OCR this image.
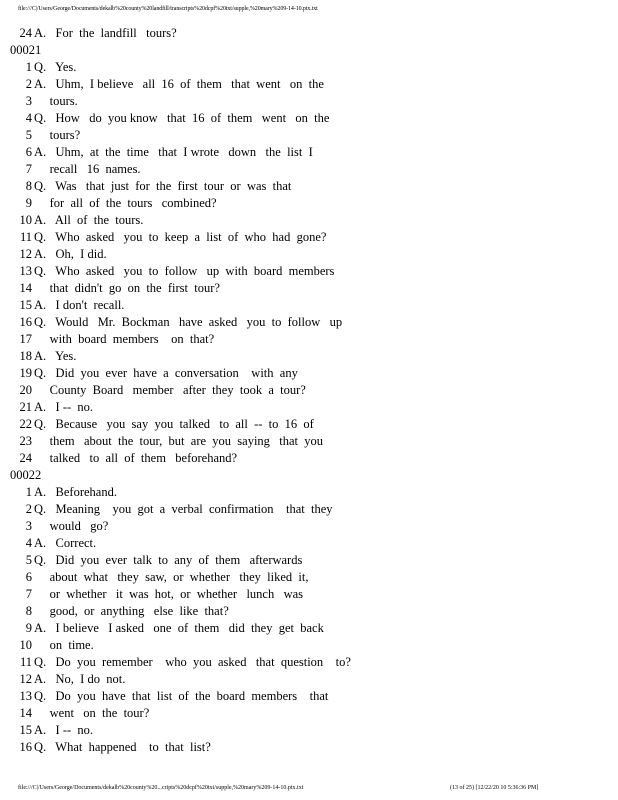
file:///C|/Users/George/Documents/dekalb%20county%20landfill/transcripts%20dcpf%20txt/supple,%20mary%209-14-10.ptx.txt
24 A.   For  the  landfill   tours?
00021
1 Q.   Yes.
2 A.   Uhm,  I believe   all  16  of  them   that  went   on  the
3 tours.
4 Q.   How   do  you know   that  16  of  them   went   on  the
5 tours?
6 A.   Uhm,  at  the  time   that  I wrote   down   the  list  I
7 recall   16  names.
8 Q.   Was   that  just  for  the  first  tour  or  was  that
9 for  all  of  the  tours   combined?
10 A.   All  of  the  tours.
11 Q.   Who  asked   you  to  keep  a  list  of  who  had  gone?
12 A.   Oh,  I did.
13 Q.   Who  asked   you  to  follow   up  with  board  members
14 that  didn't  go  on  the  first  tour?
15 A.   I don't  recall.
16 Q.   Would   Mr.  Bockman   have  asked   you  to  follow   up
17 with  board  members    on  that?
18 A.   Yes.
19 Q.   Did  you  ever  have  a  conversation    with  any
20 County  Board   member   after  they  took  a  tour?
21 A.   I --  no.
22 Q.   Because   you  say  you  talked   to  all  --  to  16  of
23 them   about  the  tour,  but  are  you  saying   that  you
24 talked   to  all  of  them   beforehand?
00022
1 A.   Beforehand.
2 Q.   Meaning    you  got  a  verbal  confirmation    that  they
3 would   go?
4 A.   Correct.
5 Q.   Did  you  ever  talk  to  any  of  them   afterwards
6 about  what   they  saw,  or  whether   they  liked  it,
7 or  whether   it  was  hot,  or  whether   lunch   was
8 good,  or  anything   else  like  that?
9 A.   I believe   I asked   one  of  them   did  they  get  back
10 on  time.
11 Q.   Do  you  remember    who  you  asked   that  question    to?
12 A.   No,  I do  not.
13 Q.   Do  you  have  that  list  of  the  board  members    that
14 went   on  the  tour?
15 A.   I --  no.
16 Q.   What  happened    to  that  list?
file:///C|/Users/George/Documents/dekalb%20county%20...cripts%20dcpf%20txt/supple,%20mary%209-14-10.ptx.txt	(13 of 25) [12/22/20 10 5:36:36 PM]
